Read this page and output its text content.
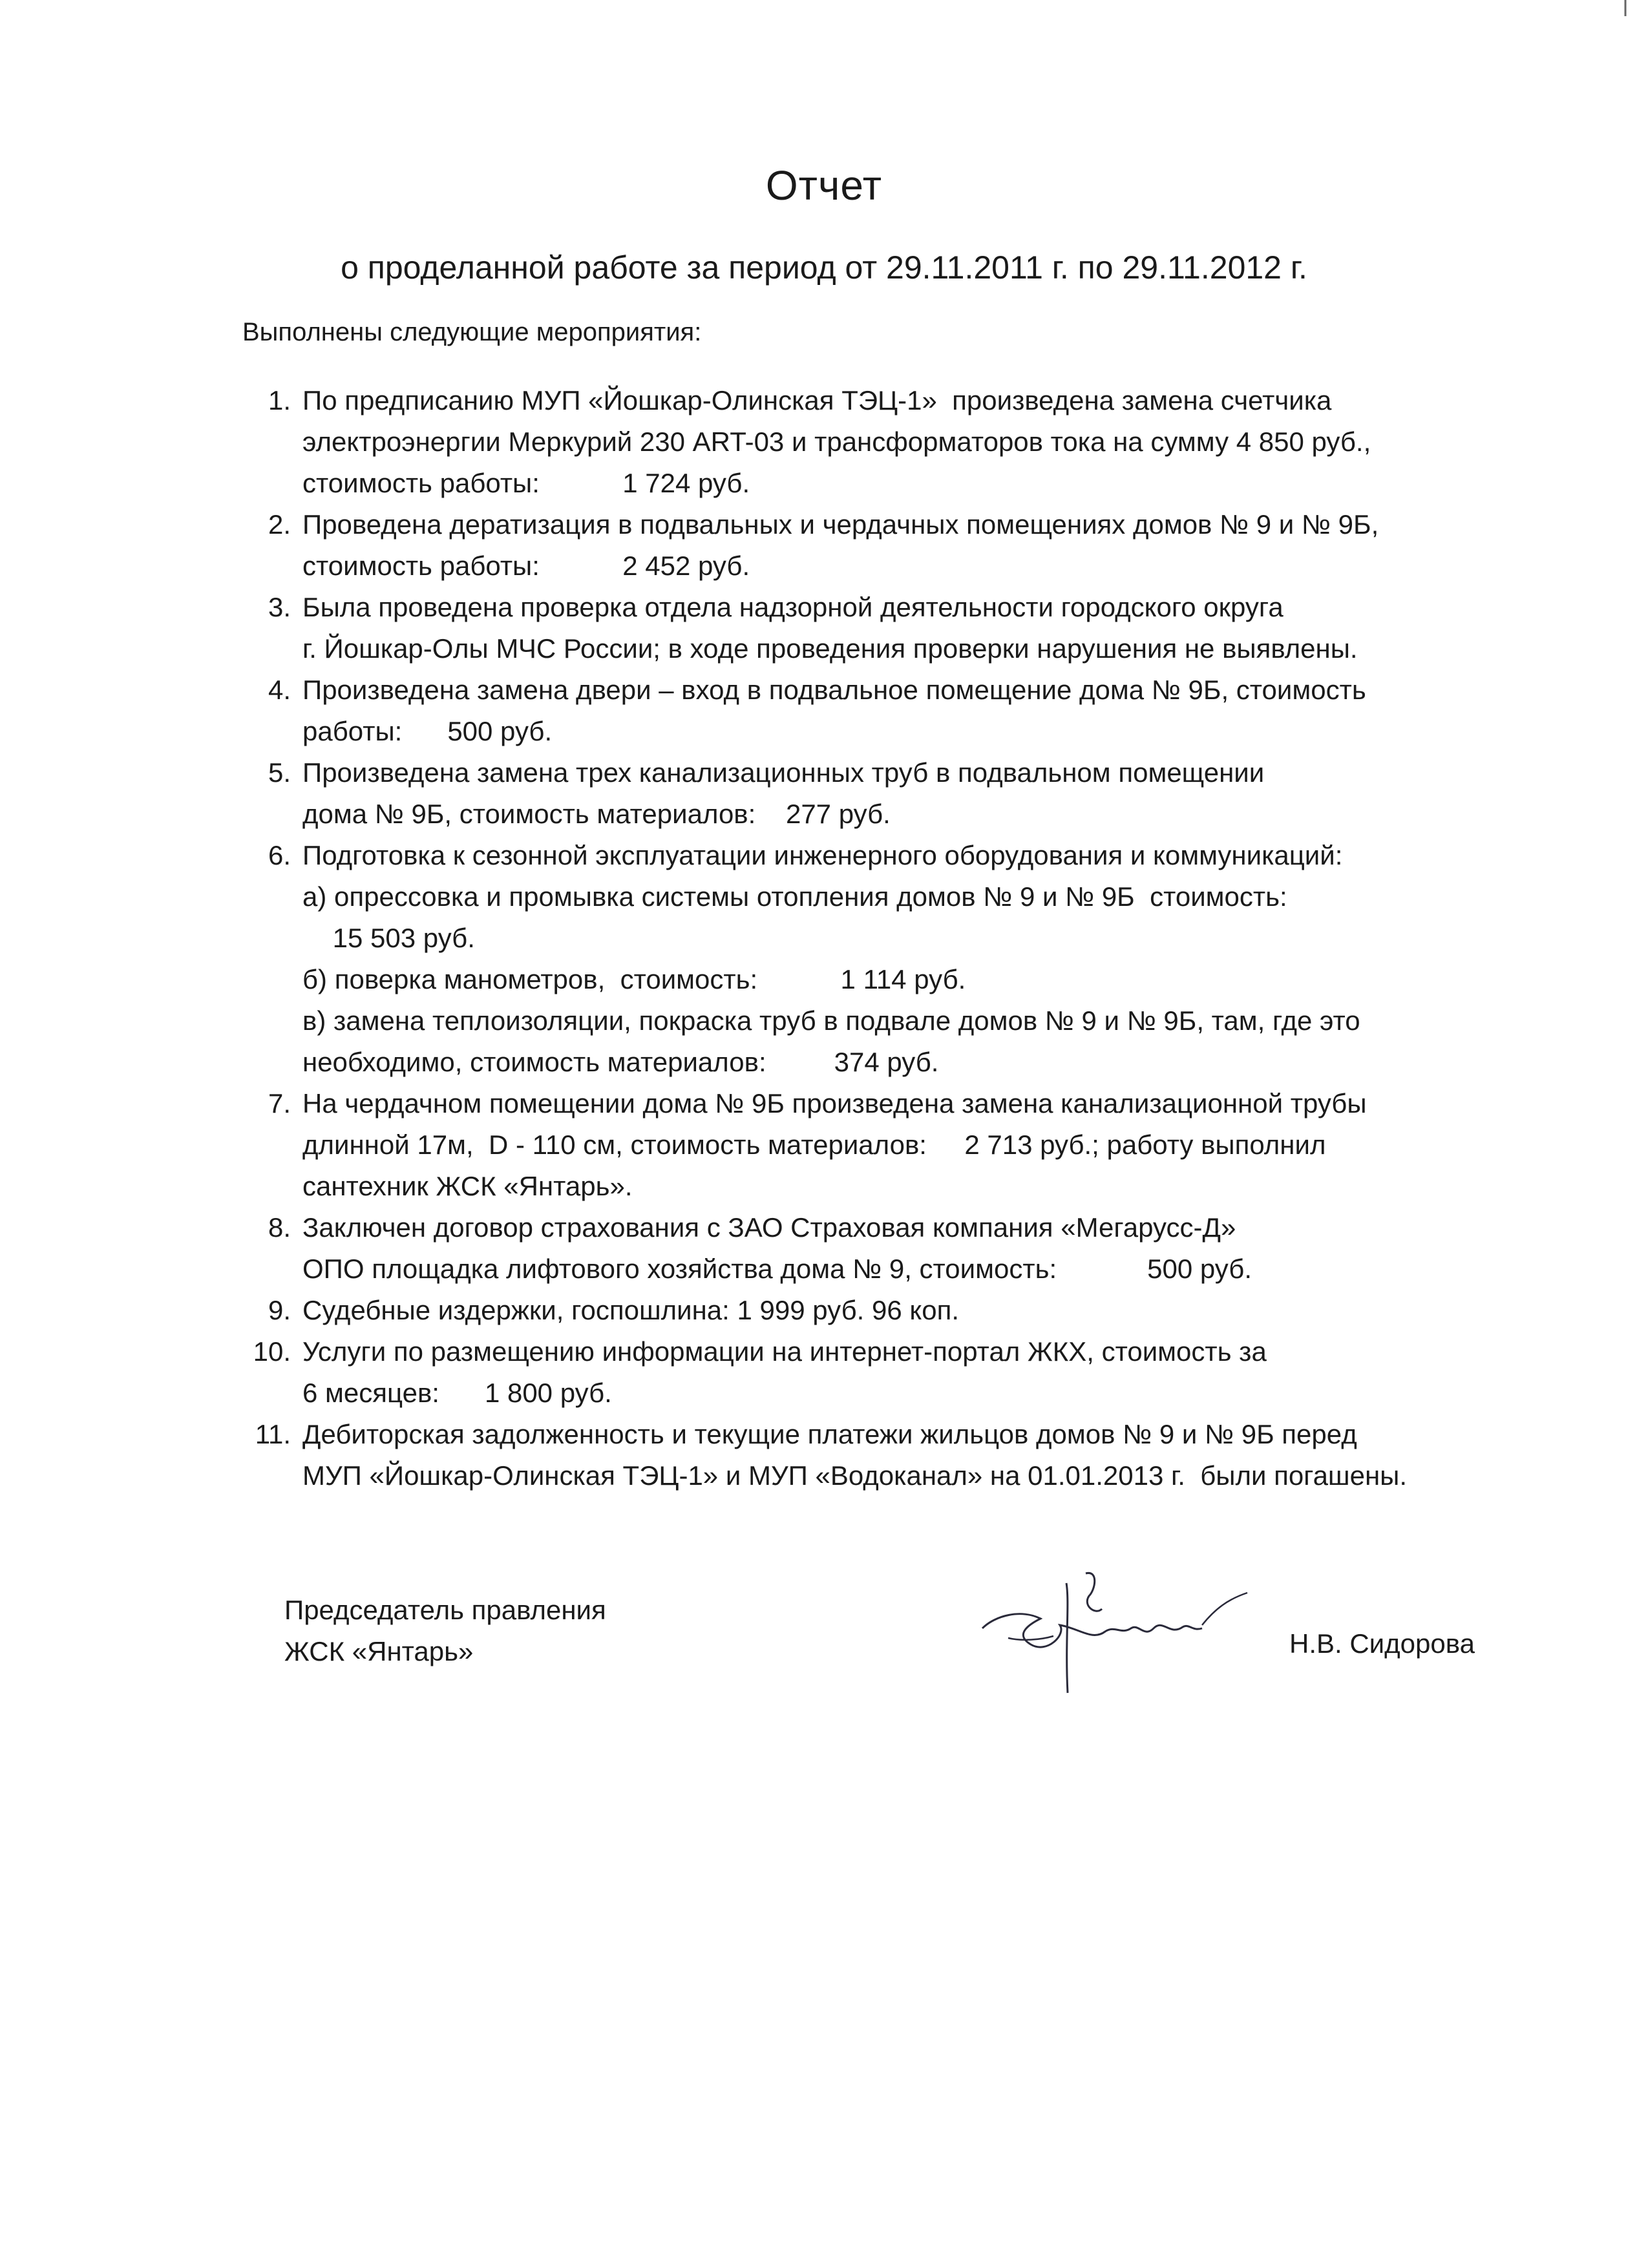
Отчет
о проделанной работе за период от 29.11.2011 г. по 29.11.2012 г.
Выполнены следующие мероприятия:
1. По предписанию МУП «Йошкар-Олинская ТЭЦ-1»  произведена замена счетчика
электроэнергии Меркурий 230 ART-03 и трансформаторов тока на сумму 4 850 руб.,
стоимость работы:           1 724 руб.
2. Проведена дератизация в подвальных и чердачных помещениях домов № 9 и № 9Б,
стоимость работы:           2 452 руб.
3. Была проведена проверка отдела надзорной деятельности городского округа
г. Йошкар-Олы МЧС России; в ходе проведения проверки нарушения не выявлены.
4. Произведена замена двери – вход в подвальное помещение дома № 9Б, стоимость
работы:      500 руб.
5. Произведена замена трех канализационных труб в подвальном помещении
дома № 9Б, стоимость материалов:    277 руб.
6. Подготовка к сезонной эксплуатации инженерного оборудования и коммуникаций:
а) опрессовка и промывка системы отопления домов № 9 и № 9Б  стоимость:
15 503 руб.
б) поверка манометров,  стоимость:           1 114 руб.
в) замена теплоизоляции, покраска труб в подвале домов № 9 и № 9Б, там, где это
необходимо, стоимость материалов:         374 руб.
7. На чердачном помещении дома № 9Б произведена замена канализационной трубы
длинной 17м,  D - 110 см, стоимость материалов:     2 713 руб.; работу выполнил
сантехник ЖСК «Янтарь».
8. Заключен договор страхования с ЗАО Страховая компания «Мегарусс-Д»
ОПО площадка лифтового хозяйства дома № 9, стоимость:            500 руб.
9. Судебные издержки, госпошлина: 1 999 руб. 96 коп.
10. Услуги по размещению информации на интернет-портал ЖКХ, стоимость за
6 месяцев:      1 800 руб.
11. Дебиторская задолженность и текущие платежи жильцов домов № 9 и № 9Б перед
МУП «Йошкар-Олинская ТЭЦ-1» и МУП «Водоканал» на 01.01.2013 г.  были погашены.
Председатель правления
ЖСК «Янтарь»	Н.В. Сидорова
